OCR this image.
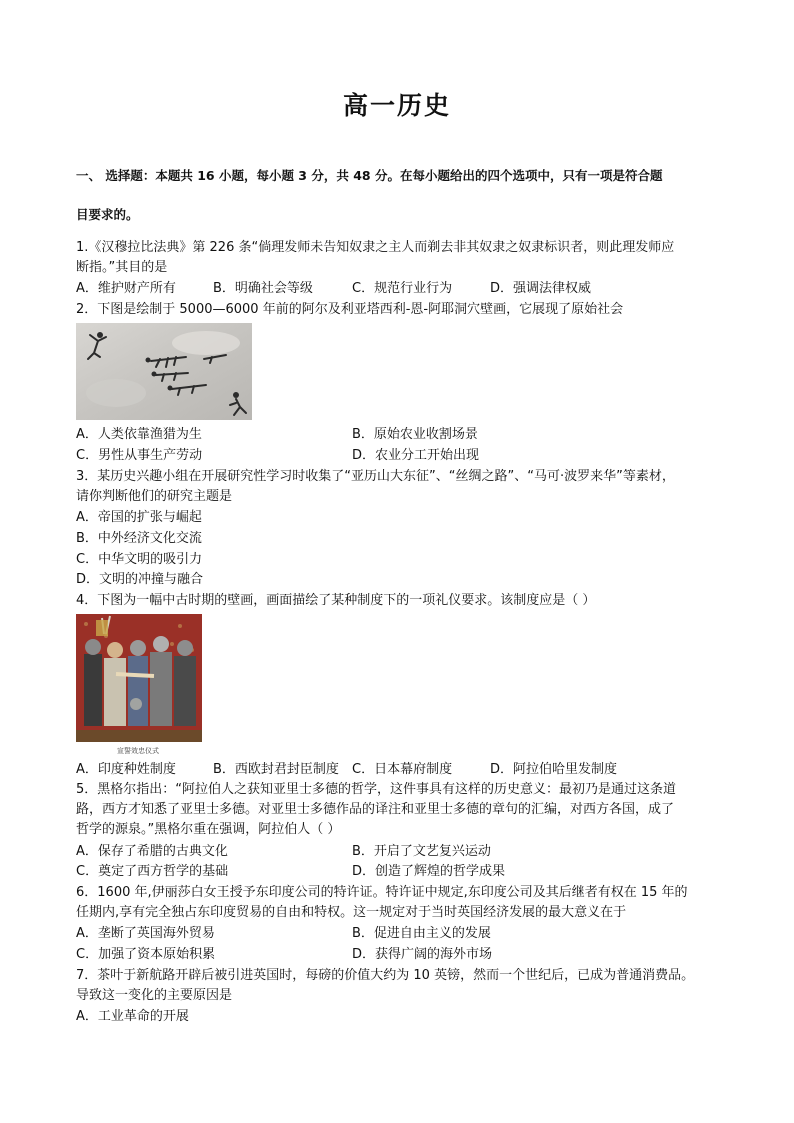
高一历史
一、 选择题：本题共 16 小题，每小题 3 分，共 48 分。在每小题给出的四个选项中，只有一项是符合题
目要求的。
1.《汉穆拉比法典》第 226 条“倘理发师未告知奴隶之主人而剃去非其奴隶之奴隶标识者，则此理发师应
断指。”其目的是
A．维护财产所有	B．明确社会等级	C．规范行业行为	D．强调法律权威
2．下图是绘制于 5000—6000 年前的阿尔及利亚塔西利-恩-阿耶洞穴壁画，它展现了原始社会
A．人类依靠渔猎为生	B．原始农业收割场景
C．男性从事生产劳动	D．农业分工开始出现
3．某历史兴趣小组在开展研究性学习时收集了“亚历山大东征”、“丝绸之路”、“马可·波罗来华”等素材，
请你判断他们的研究主题是
A．帝国的扩张与崛起
B．中外经济文化交流
C．中华文明的吸引力
D．文明的冲撞与融合
4．下图为一幅中古时期的壁画，画面描绘了某种制度下的一项礼仪要求。该制度应是（ ）
宣誓效忠仪式
A．印度种姓制度	B．西欧封君封臣制度 C．日本幕府制度	D．阿拉伯哈里发制度
5．黑格尔指出：“阿拉伯人之获知亚里士多德的哲学，这件事具有这样的历史意义：最初乃是通过这条道
路，西方才知悉了亚里士多德。对亚里士多德作品的译注和亚里士多德的章句的汇编，对西方各国，成了
哲学的源泉。”黑格尔重在强调，阿拉伯人（ ）
A．保存了希腊的古典文化	B．开启了文艺复兴运动
C．奠定了西方哲学的基础	D．创造了辉煌的哲学成果
6．1600 年,伊丽莎白女王授予东印度公司的特许证。特许证中规定,东印度公司及其后继者有权在 15 年的
任期内,享有完全独占东印度贸易的自由和特权。这一规定对于当时英国经济发展的最大意义在于
A．垄断了英国海外贸易	B．促进自由主义的发展
C．加强了资本原始积累	D．获得广阔的海外市场
7．茶叶于新航路开辟后被引进英国时，每磅的价值大约为 10 英镑，然而一个世纪后，已成为普通消费品。
导致这一变化的主要原因是
A．工业革命的开展
